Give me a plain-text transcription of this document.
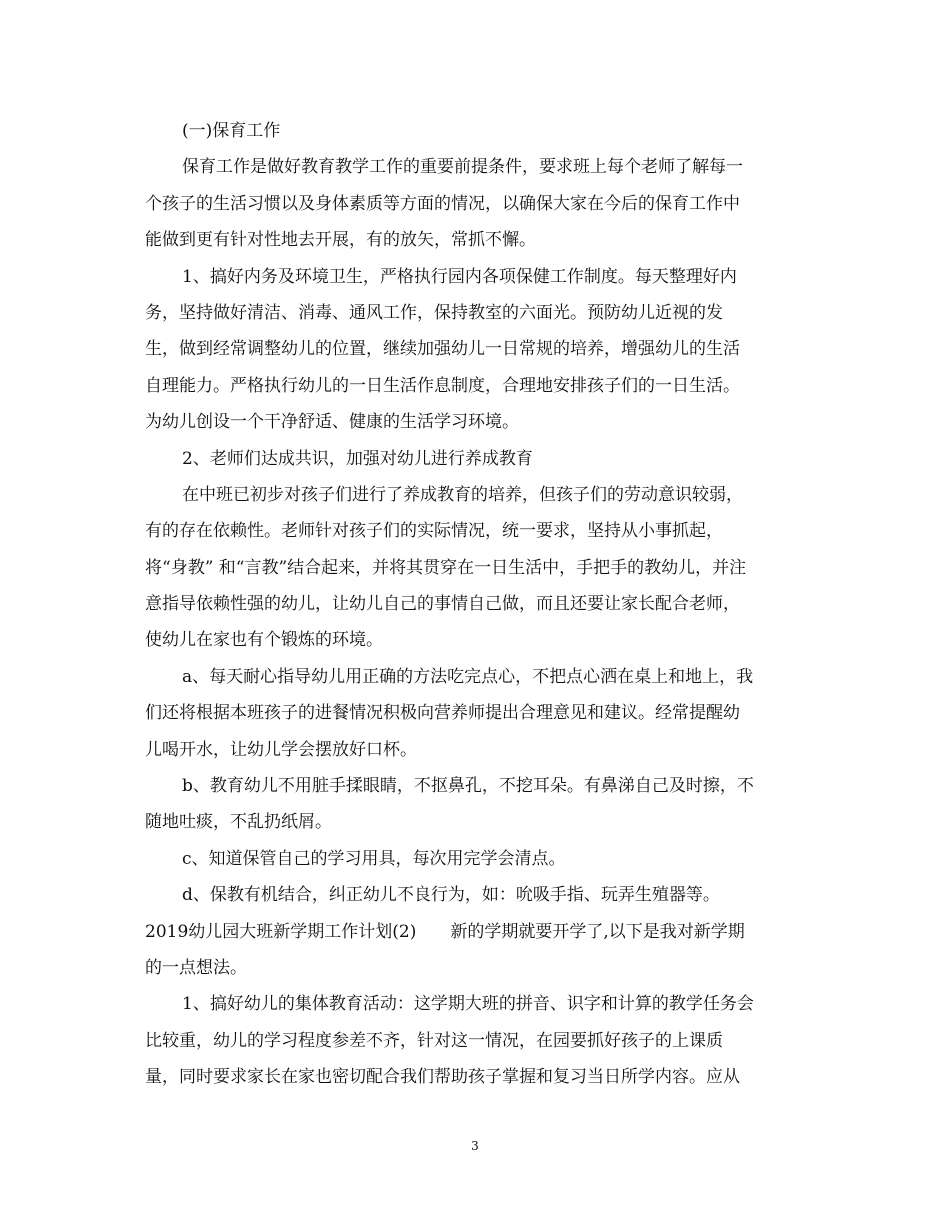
(一)保育工作
保育工作是做好教育教学工作的重要前提条件，要求班上每个老师了解每一
个孩子的生活习惯以及身体素质等方面的情况，以确保大家在今后的保育工作中
能做到更有针对性地去开展，有的放矢，常抓不懈。
1、搞好内务及环境卫生，严格执行园内各项保健工作制度。每天整理好内
务，坚持做好清洁、消毒、通风工作，保持教室的六面光。预防幼儿近视的发
生，做到经常调整幼儿的位置，继续加强幼儿一日常规的培养，增强幼儿的生活
自理能力。严格执行幼儿的一日生活作息制度，合理地安排孩子们的一日生活。
为幼儿创设一个干净舒适、健康的生活学习环境。
2、老师们达成共识，加强对幼儿进行养成教育
在中班已初步对孩子们进行了养成教育的培养，但孩子们的劳动意识较弱，
有的存在依赖性。老师针对孩子们的实际情况，统一要求，坚持从小事抓起，
将“身教” 和“言教”结合起来，并将其贯穿在一日生活中，手把手的教幼儿，并注
意指导依赖性强的幼儿，让幼儿自己的事情自己做，而且还要让家长配合老师，
使幼儿在家也有个锻炼的环境。
a、每天耐心指导幼儿用正确的方法吃完点心，不把点心洒在桌上和地上，我
们还将根据本班孩子的进餐情况积极向营养师提出合理意见和建议。经常提醒幼
儿喝开水，让幼儿学会摆放好口杯。
b、教育幼儿不用脏手揉眼睛，不抠鼻孔，不挖耳朵。有鼻涕自己及时擦，不
随地吐痰，不乱扔纸屑。
c、知道保管自己的学习用具，每次用完学会清点。
d、保教有机结合，纠正幼儿不良行为，如：吮吸手指、玩弄生殖器等。
2019幼儿园大班新学期工作计划(2)　　新的学期就要开学了,以下是我对新学期
的一点想法。
1、搞好幼儿的集体教育活动：这学期大班的拼音、识字和计算的教学任务会
比较重，幼儿的学习程度参差不齐，针对这一情况，在园要抓好孩子的上课质
量，同时要求家长在家也密切配合我们帮助孩子掌握和复习当日所学内容。应从
3
